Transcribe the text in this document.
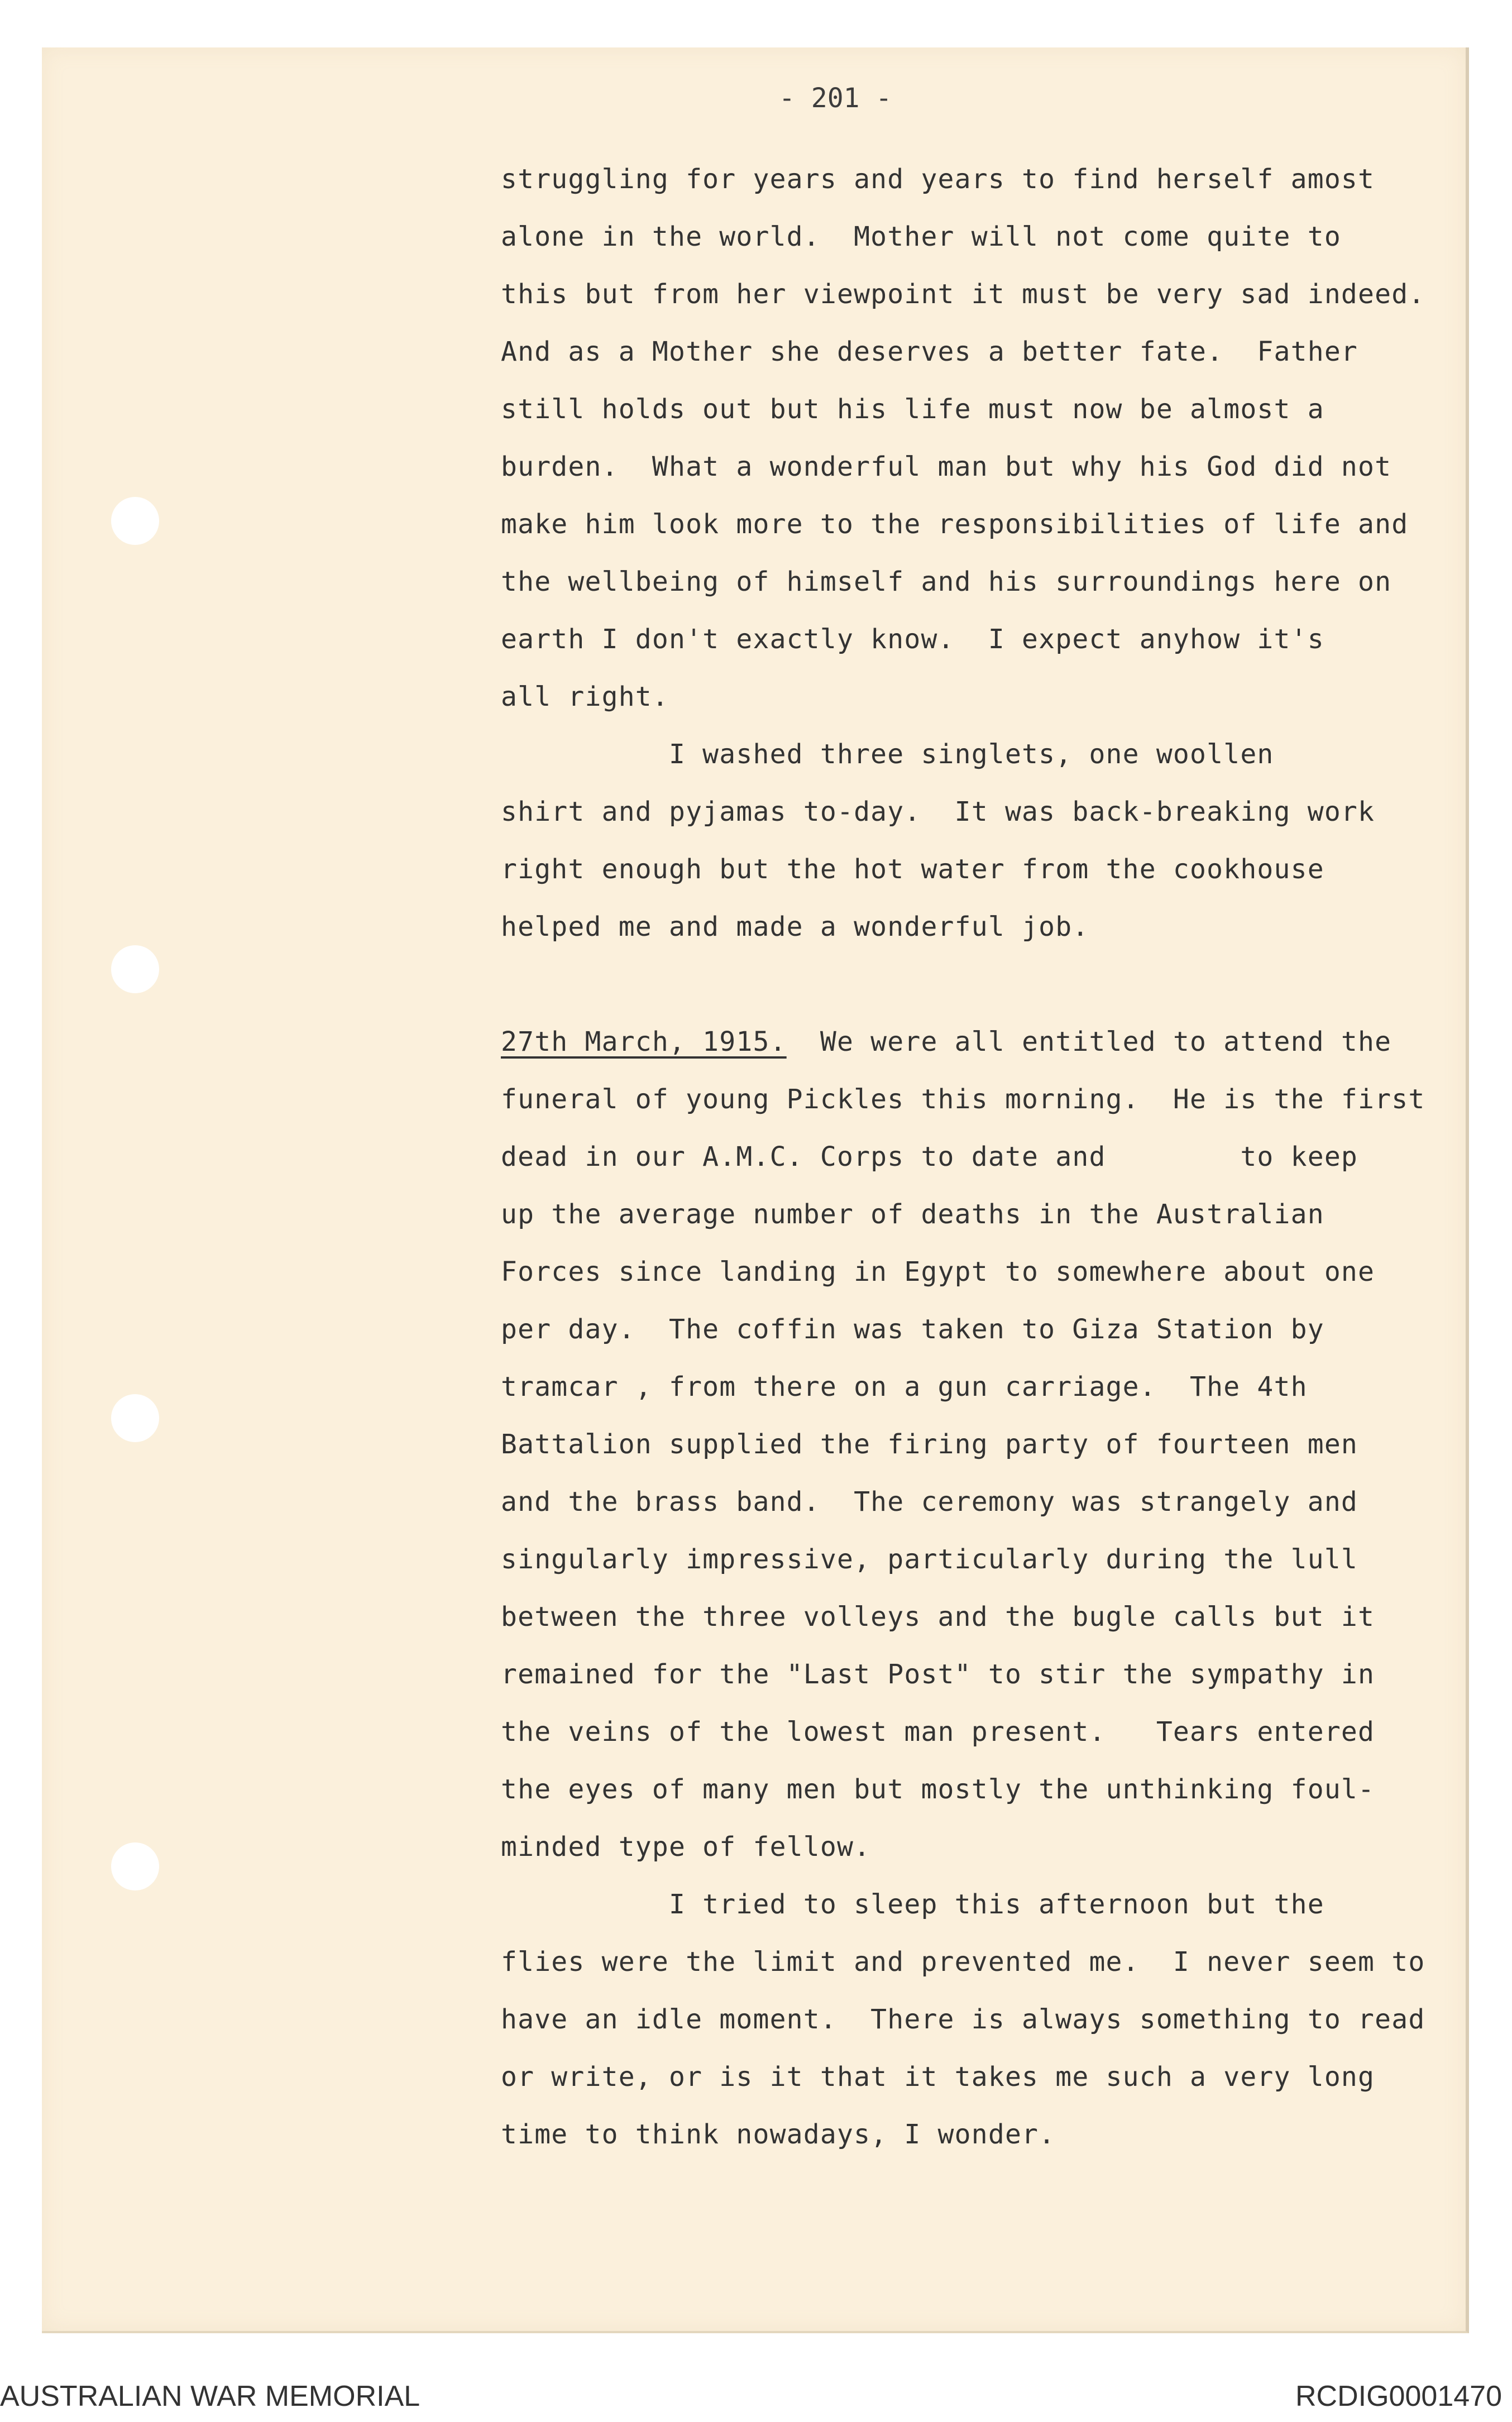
- 201 -
struggling for years and years to find herself amost
alone in the world.  Mother will not come quite to
this but from her viewpoint it must be very sad indeed.
And as a Mother she deserves a better fate.  Father
still holds out but his life must now be almost a
burden.  What a wonderful man but why his God did not
make him look more to the responsibilities of life and
the wellbeing of himself and his surroundings here on
earth I don't exactly know.  I expect anyhow it's
all right.
I washed three singlets, one woollen
shirt and pyjamas to-day.  It was back-breaking work
right enough but the hot water from the cookhouse
helped me and made a wonderful job.
27th March, 1915.  We were all entitled to attend the
funeral of young Pickles this morning.  He is the first
dead in our A.M.C. Corps to date and        to keep
up the average number of deaths in the Australian
Forces since landing in Egypt to somewhere about one
per day.  The coffin was taken to Giza Station by
tramcar , from there on a gun carriage.  The 4th
Battalion supplied the firing party of fourteen men
and the brass band.  The ceremony was strangely and
singularly impressive, particularly during the lull
between the three volleys and the bugle calls but it
remained for the "Last Post" to stir the sympathy in
the veins of the lowest man present.   Tears entered
the eyes of many men but mostly the unthinking foul-
minded type of fellow.
I tried to sleep this afternoon but the
flies were the limit and prevented me.  I never seem to
have an idle moment.  There is always something to read
or write, or is it that it takes me such a very long
time to think nowadays, I wonder.
AUSTRALIAN WAR MEMORIAL	RCDIG0001470
